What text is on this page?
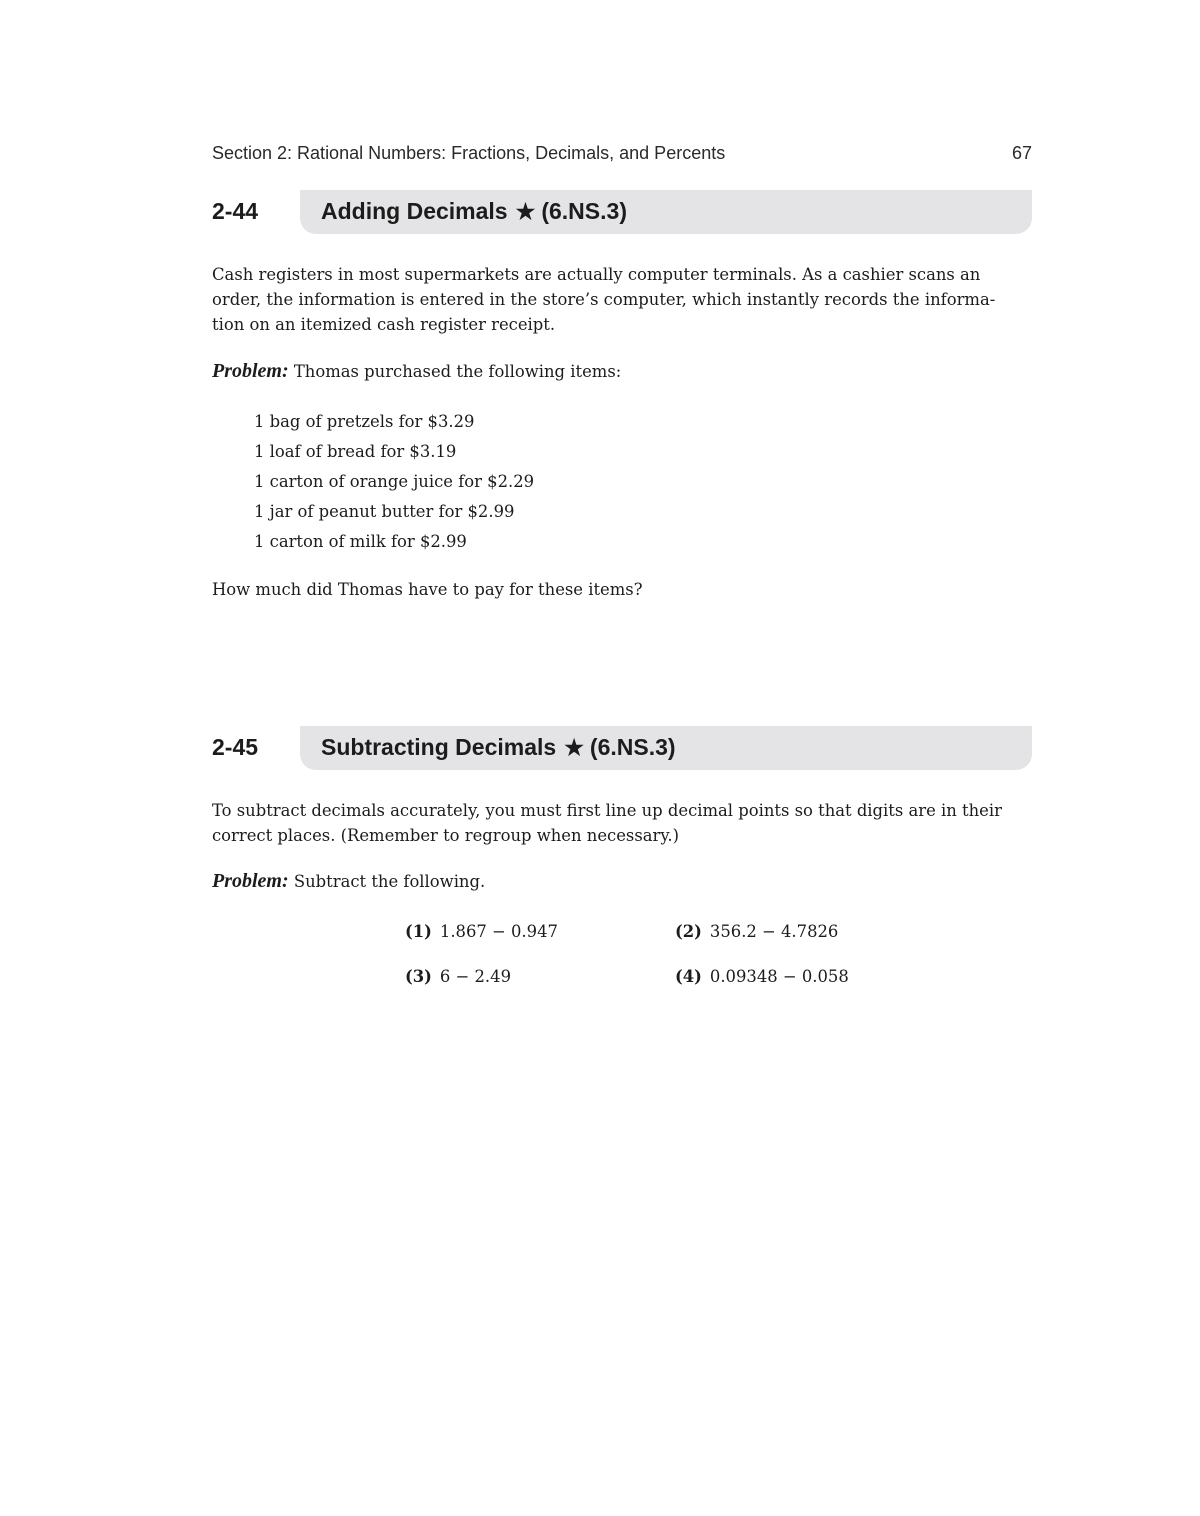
Section 2: Rational Numbers: Fractions, Decimals, and Percents	67
2-44	Adding Decimals ★ (6.NS.3)
Cash registers in most supermarkets are actually computer terminals. As a cashier scans an
order, the information is entered in the store’s computer, which instantly records the informa-
tion on an itemized cash register receipt.
Problem: Thomas purchased the following items:
1 bag of pretzels for $3.29
1 loaf of bread for $3.19
1 carton of orange juice for $2.29
1 jar of peanut butter for $2.99
1 carton of milk for $2.99
How much did Thomas have to pay for these items?
2-45	Subtracting Decimals ★ (6.NS.3)
To subtract decimals accurately, you must first line up decimal points so that digits are in their
correct places. (Remember to regroup when necessary.)
Problem: Subtract the following.
(1) 1.867 − 0.947	(2) 356.2 − 4.7826
(3) 6 − 2.49	(4) 0.09348 − 0.058
